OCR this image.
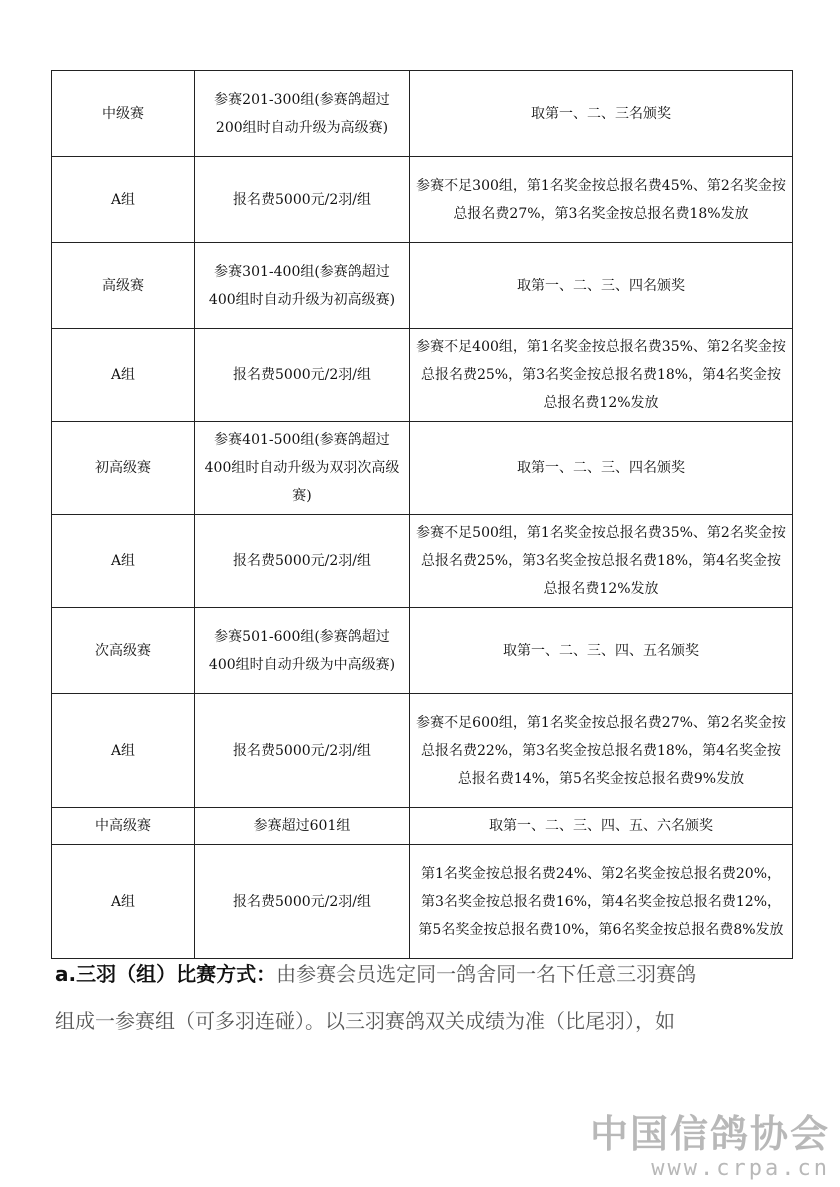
中级赛	参赛201-300组(参赛鸽超过200组时自动升级为高级赛)	取第一、二、三名颁奖
A组	报名费5000元/2羽/组	参赛不足300组，第1名奖金按总报名费45%、第2名奖金按总报名费27%，第3名奖金按总报名费18%发放
高级赛	参赛301-400组(参赛鸽超过400组时自动升级为初高级赛)	取第一、二、三、四名颁奖
A组	报名费5000元/2羽/组	参赛不足400组，第1名奖金按总报名费35%、第2名奖金按总报名费25%，第3名奖金按总报名费18%，第4名奖金按总报名费12%发放
初高级赛	参赛401-500组(参赛鸽超过400组时自动升级为双羽次高级赛)	取第一、二、三、四名颁奖
A组	报名费5000元/2羽/组	参赛不足500组，第1名奖金按总报名费35%、第2名奖金按总报名费25%，第3名奖金按总报名费18%，第4名奖金按总报名费12%发放
次高级赛	参赛501-600组(参赛鸽超过400组时自动升级为中高级赛)	取第一、二、三、四、五名颁奖
A组	报名费5000元/2羽/组	参赛不足600组，第1名奖金按总报名费27%、第2名奖金按总报名费22%，第3名奖金按总报名费18%，第4名奖金按总报名费14%，第5名奖金按总报名费9%发放
中高级赛	参赛超过601组	取第一、二、三、四、五、六名颁奖
A组	报名费5000元/2羽/组	第1名奖金按总报名费24%、第2名奖金按总报名费20%，第3名奖金按总报名费16%，第4名奖金按总报名费12%，第5名奖金按总报名费10%，第6名奖金按总报名费8%发放
a.三羽（组）比赛方式：由参赛会员选定同一鸽舍同一名下任意三羽赛鸽
组成一参赛组（可多羽连碰）。以三羽赛鸽双关成绩为准（比尾羽），如
中国信鸽协会
www.crpa.cn
